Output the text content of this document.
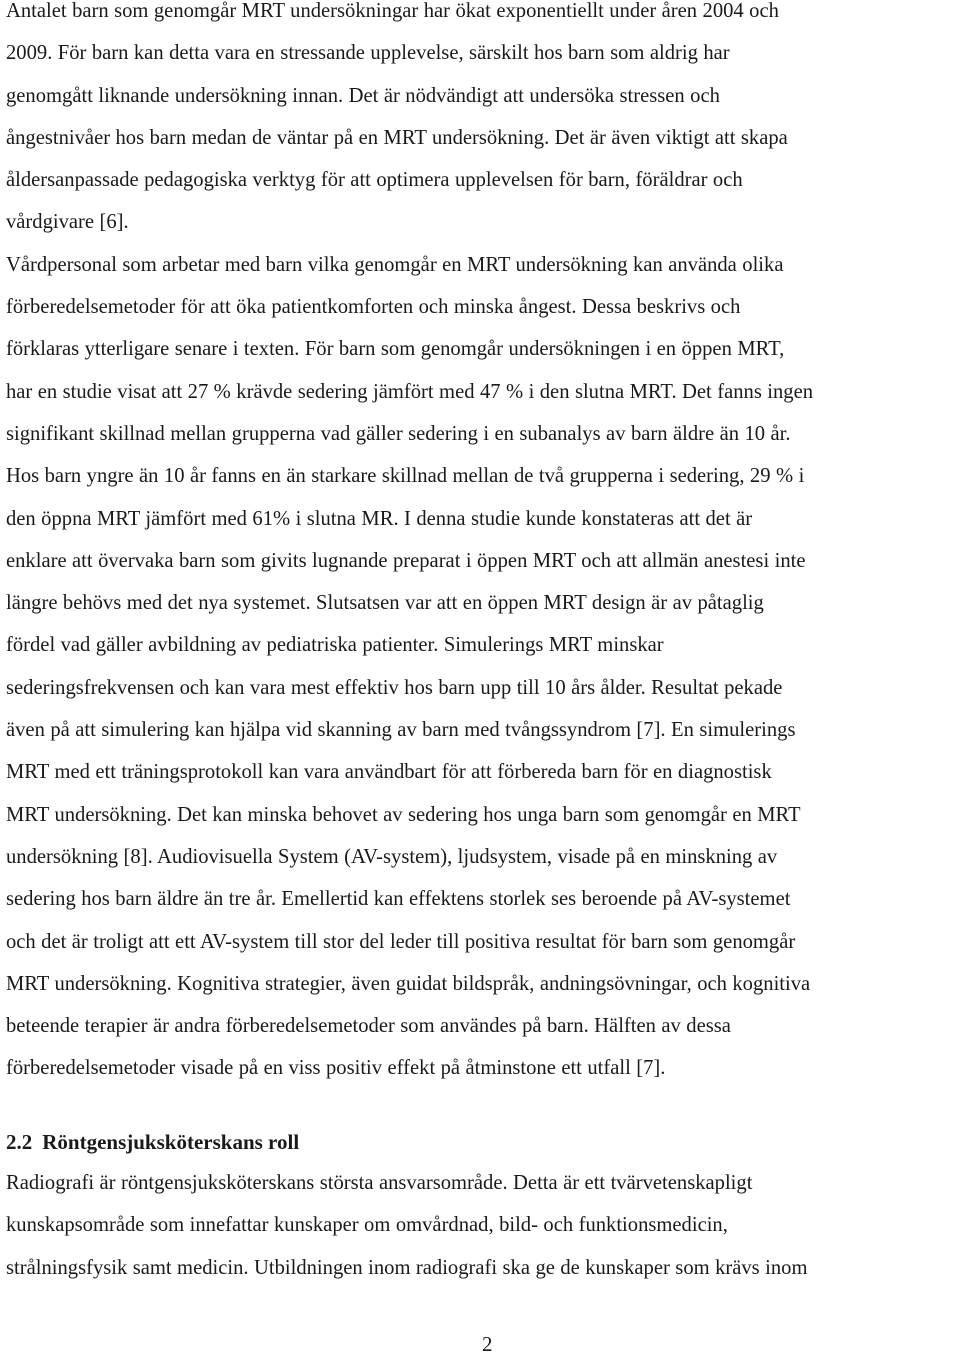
Antalet barn som genomgår MRT undersökningar har ökat exponentiellt under åren 2004 och
2009. För barn kan detta vara en stressande upplevelse, särskilt hos barn som aldrig har
genomgått liknande undersökning innan. Det är nödvändigt att undersöka stressen och
ångestnivåer hos barn medan de väntar på en MRT undersökning. Det är även viktigt att skapa
åldersanpassade pedagogiska verktyg för att optimera upplevelsen för barn, föräldrar och
vårdgivare [6].
Vårdpersonal som arbetar med barn vilka genomgår en MRT undersökning kan använda olika
förberedelsemetoder för att öka patientkomforten och minska ångest. Dessa beskrivs och
förklaras ytterligare senare i texten. För barn som genomgår undersökningen i en öppen MRT,
har en studie visat att 27 % krävde sedering jämfört med 47 % i den slutna MRT. Det fanns ingen
signifikant skillnad mellan grupperna vad gäller sedering i en subanalys av barn äldre än 10 år.
Hos barn yngre än 10 år fanns en än starkare skillnad mellan de två grupperna i sedering, 29 % i
den öppna MRT jämfört med 61% i slutna MR. I denna studie kunde konstateras att det är
enklare att övervaka barn som givits lugnande preparat i öppen MRT och att allmän anestesi inte
längre behövs med det nya systemet. Slutsatsen var att en öppen MRT design är av påtaglig
fördel vad gäller avbildning av pediatriska patienter. Simulerings MRT minskar
sederingsfrekvensen och kan vara mest effektiv hos barn upp till 10 års ålder. Resultat pekade
även på att simulering kan hjälpa vid skanning av barn med tvångssyndrom [7]. En simulerings
MRT med ett träningsprotokoll kan vara användbart för att förbereda barn för en diagnostisk
MRT undersökning. Det kan minska behovet av sedering hos unga barn som genomgår en MRT
undersökning [8]. Audiovisuella System (AV-system), ljudsystem, visade på en minskning av
sedering hos barn äldre än tre år. Emellertid kan effektens storlek ses beroende på AV-systemet
och det är troligt att ett AV-system till stor del leder till positiva resultat för barn som genomgår
MRT undersökning. Kognitiva strategier, även guidat bildspråk, andningsövningar, och kognitiva
beteende terapier är andra förberedelsemetoder som användes på barn. Hälften av dessa
förberedelsemetoder visade på en viss positiv effekt på åtminstone ett utfall [7].
2.2 Röntgensjuksköterskans roll
Radiografi är röntgensjuksköterskans största ansvarsområde. Detta är ett tvärvetenskapligt
kunskapsområde som innefattar kunskaper om omvårdnad, bild- och funktionsmedicin,
strålningsfysik samt medicin. Utbildningen inom radiografi ska ge de kunskaper som krävs inom
2
